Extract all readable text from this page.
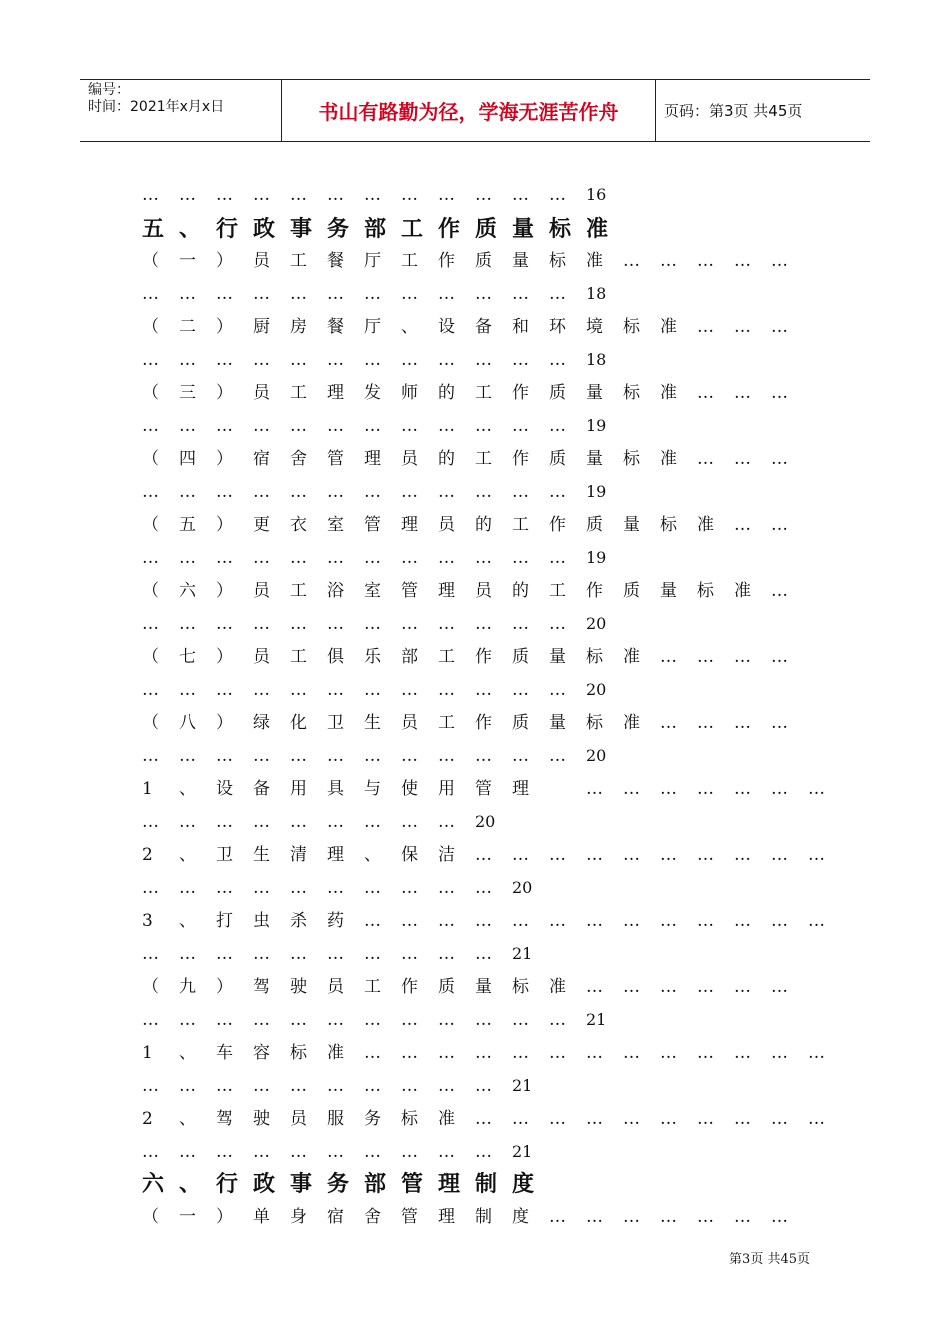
编号：
时间：2021年x月x日	书山有路勤为径，学海无涯苦作舟	页码：第3页 共45页
… … … … … … … … … … … … 16
五 、 行 政 事 务 部 工 作 质 量 标 准
（ 一 ） 员 工 餐 厅 工 作 质 量 标 准 … … … … …
… … … … … … … … … … … … 18
（ 二 ） 厨 房 餐 厅 、 设 备 和 环 境 标 准 … … …
… … … … … … … … … … … … 18
（ 三 ） 员 工 理 发 师 的 工 作 质 量 标 准 … … …
… … … … … … … … … … … … 19
（ 四 ） 宿 舍 管 理 员 的 工 作 质 量 标 准 … … …
… … … … … … … … … … … … 19
（ 五 ） 更 衣 室 管 理 员 的 工 作 质 量 标 准 … …
… … … … … … … … … … … … 19
（ 六 ） 员 工 浴 室 管 理 员 的 工 作 质 量 标 准 …
… … … … … … … … … … … … 20
（ 七 ） 员 工 俱 乐 部 工 作 质 量 标 准 … … … …
… … … … … … … … … … … … 20
（ 八 ） 绿 化 卫 生 员 工 作 质 量 标 准 … … … …
… … … … … … … … … … … … 20
1 、 设 备 用 具 与 使 用 管 理	… … … … … … …
… … … … … … … … … 20
2 、 卫 生 清 理 、 保 洁 … … … … … … … … … …
… … … … … … … … … … 20
3 、 打 虫 杀 药 … … … … … … … … … … … … …
… … … … … … … … … … 21
（ 九 ） 驾 驶 员 工 作 质 量 标 准 … … … … … …
… … … … … … … … … … … … 21
1 、 车 容 标 准 … … … … … … … … … … … … …
… … … … … … … … … … 21
2 、 驾 驶 员 服 务 标 准 … … … … … … … … … …
… … … … … … … … … … 21
六 、 行 政 事 务 部 管 理 制 度
（ 一 ） 单 身 宿 舍 管 理 制 度 … … … … … … …
第3页 共45页
